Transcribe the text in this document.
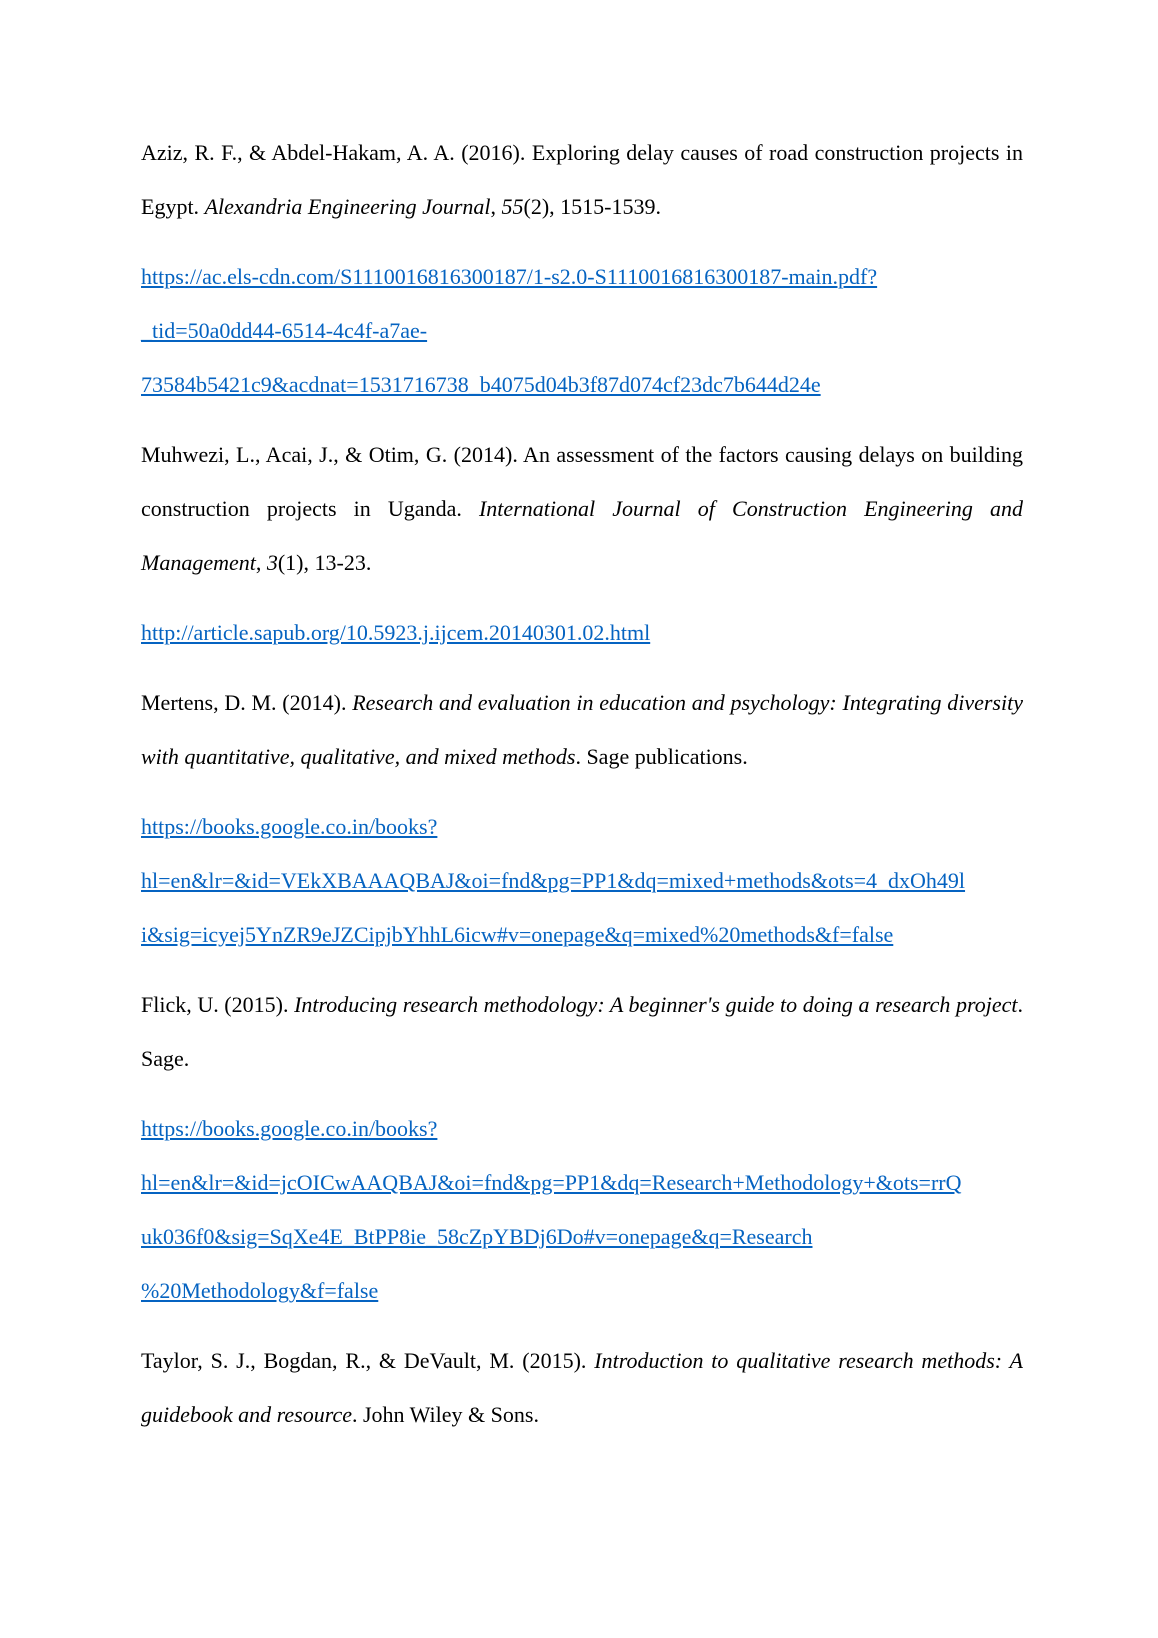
Aziz, R. F., & Abdel-Hakam, A. A. (2016). Exploring delay causes of road construction projects in Egypt. Alexandria Engineering Journal, 55(2), 1515-1539.

https://ac.els-cdn.com/S1110016816300187/1-s2.0-S1110016816300187-main.pdf?
_tid=50a0dd44-6514-4c4f-a7ae-
73584b5421c9&acdnat=1531716738_b4075d04b3f87d074cf23dc7b644d24e

Muhwezi, L., Acai, J., & Otim, G. (2014). An assessment of the factors causing delays on building construction projects in Uganda. International Journal of Construction Engineering and Management, 3(1), 13-23.

http://article.sapub.org/10.5923.j.ijcem.20140301.02.html

Mertens, D. M. (2014). Research and evaluation in education and psychology: Integrating diversity with quantitative, qualitative, and mixed methods. Sage publications.

https://books.google.co.in/books?
hl=en&lr=&id=VEkXBAAAQBAJ&oi=fnd&pg=PP1&dq=mixed+methods&ots=4_dxOh49l
i&sig=icyej5YnZR9eJZCipjbYhhL6icw#v=onepage&q=mixed%20methods&f=false

Flick, U. (2015). Introducing research methodology: A beginner's guide to doing a research project. Sage.

https://books.google.co.in/books?
hl=en&lr=&id=jcOICwAAQBAJ&oi=fnd&pg=PP1&dq=Research+Methodology+&ots=rrQ
uk036f0&sig=SqXe4E_BtPP8ie_58cZpYBDj6Do#v=onepage&q=Research
%20Methodology&f=false

Taylor, S. J., Bogdan, R., & DeVault, M. (2015). Introduction to qualitative research methods: A guidebook and resource. John Wiley & Sons.
